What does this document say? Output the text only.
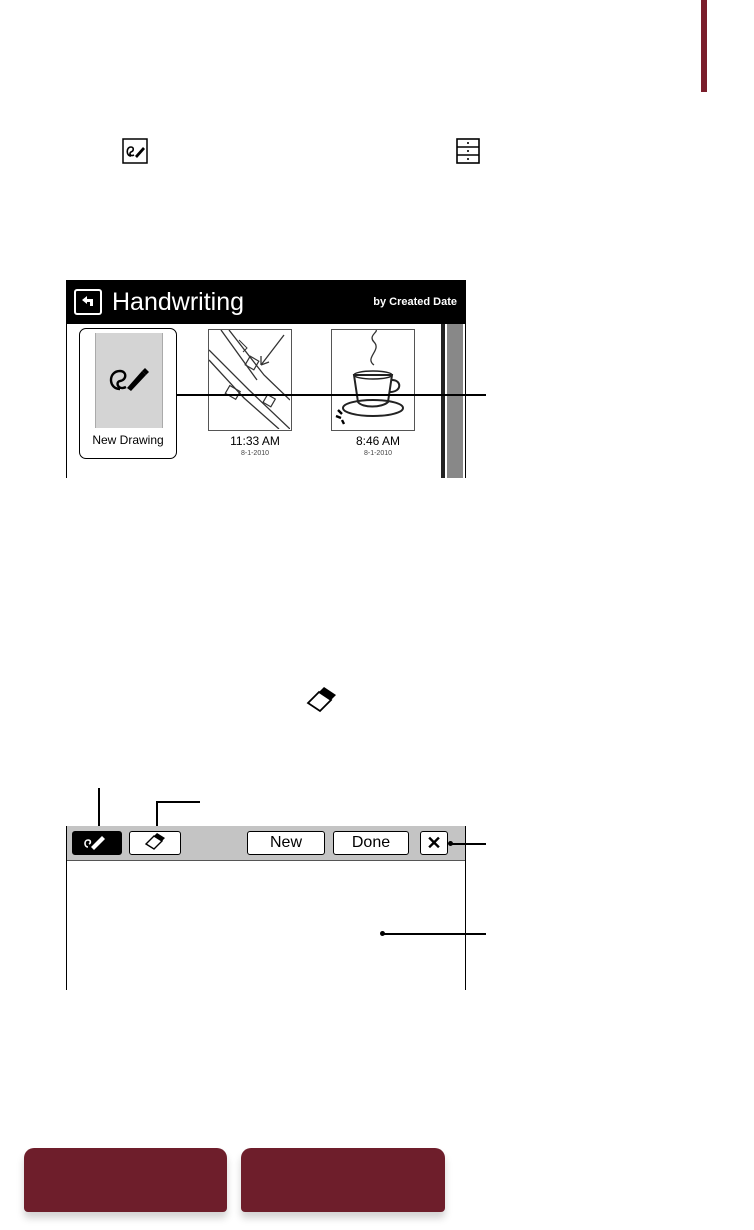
Handwriting	by Created Date
New Drawing	11:33 AM
8-1-2010
8:46 AM
8-1-2010
New	Done	✕
